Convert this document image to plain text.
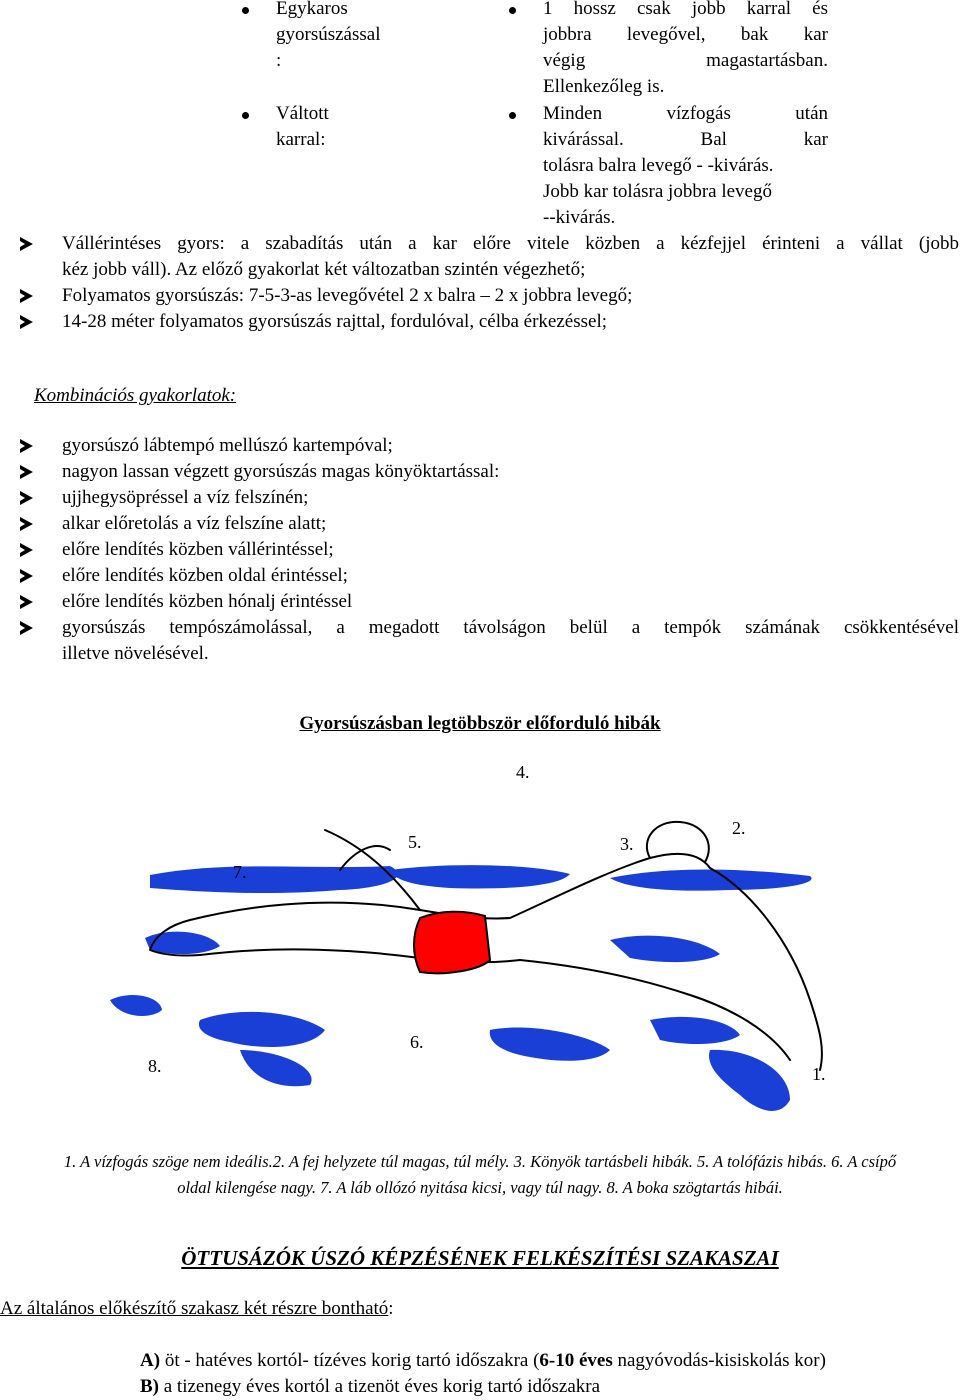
Egykaros
gyorsúszással
:
1 hossz csak jobb karral és
jobbra levegővel, bak kar
végig magastartásban.
Ellenkezőleg is.
Váltott
karral:
Minden vízfogás után
kivárással. Bal kar
tolásra balra levegő - -kivárás.
Jobb kar tolásra jobbra levegő
--kivárás.
Vállérintéses gyors: a szabadítás után a kar előre vitele közben a kézfejjel érinteni a vállat (jobb
kéz jobb váll). Az előző gyakorlat két változatban szintén végezhető;
Folyamatos gyorsúszás: 7-5-3-as levegővétel 2 x balra – 2 x jobbra levegő;
14-28 méter folyamatos gyorsúszás rajttal, fordulóval, célba érkezéssel;
Kombinációs gyakorlatok:
gyorsúszó lábtempó mellúszó kartempóval;
nagyon lassan végzett gyorsúszás magas könyöktartással:
ujjhegysöpréssel a víz felszínén;
alkar előretolás a víz felszíne alatt;
előre lendítés közben vállérintéssel;
előre lendítés közben oldal érintéssel;
előre lendítés közben hónalj érintéssel
gyorsúszás tempószámolással, a megadott távolságon belül a tempók számának csökkentésével
illetve növelésével.
Gyorsúszásban legtöbbször előforduló hibák
4.
2.
5.	3.
7.
8.
6.
1.
1. A vízfogás szöge nem ideális.2. A fej helyzete túl magas, túl mély. 3. Könyök tartásbeli hibák. 5. A tolófázis hibás. 6. A csípő
oldal kilengése nagy. 7. A láb ollózó nyitása kicsi, vagy túl nagy. 8. A boka szögtartás hibái.
ÖTTUSÁZÓK ÚSZÓ KÉPZÉSÉNEK FELKÉSZÍTÉSI SZAKASZAI
Az általános előkészítő szakasz két részre bontható:
A) öt - hatéves kortól- tízéves korig tartó időszakra (6-10 éves nagyóvodás-kisiskolás kor)
B) a tizenegy éves kortól a tizenöt éves korig tartó időszakra
